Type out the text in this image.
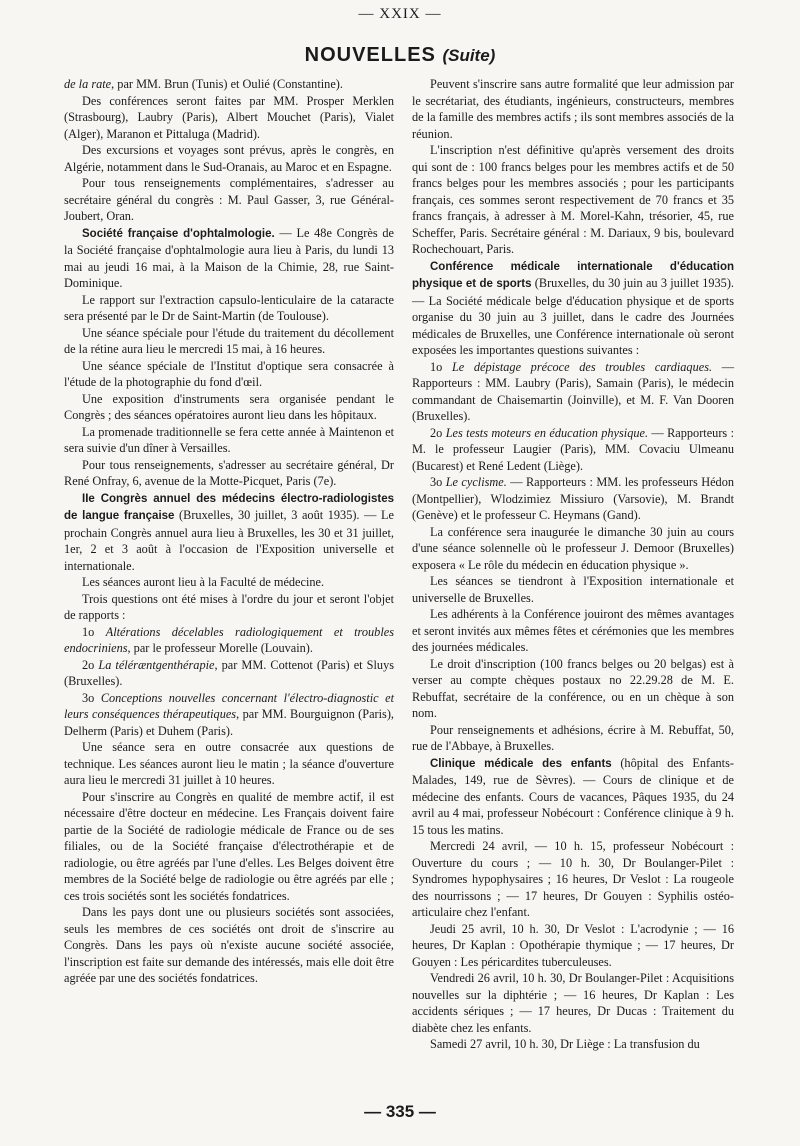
— XXIX —
NOUVELLES (Suite)

de la rate, par MM. Brun (Tunis) et Oulié (Constantine).

Des conférences seront faites par MM. Prosper Merklen (Strasbourg), Laubry (Paris), Albert Mouchet (Paris), Vialet (Alger), Maranon et Pittaluga (Madrid).

Des excursions et voyages sont prévus, après le congrès, en Algérie, notamment dans le Sud-Oranais, au Maroc et en Espagne.

Pour tous renseignements complémentaires, s'adresser au secrétaire général du congrès : M. Paul Gasser, 3, rue Général-Joubert, Oran.

Société française d'ophtalmologie. — Le 48e Congrès de la Société française d'ophtalmologie aura lieu à Paris, du lundi 13 mai au jeudi 16 mai, à la Maison de la Chimie, 28, rue Saint-Dominique.

Le rapport sur l'extraction capsulo-lenticulaire de la cataracte sera présenté par le Dr de Saint-Martin (de Toulouse).

Une séance spéciale pour l'étude du traitement du décollement de la rétine aura lieu le mercredi 15 mai, à 16 heures.

Une séance spéciale de l'Institut d'optique sera consacrée à l'étude de la photographie du fond d'œil.

Une exposition d'instruments sera organisée pendant le Congrès ; des séances opératoires auront lieu dans les hôpitaux.

La promenade traditionnelle se fera cette année à Maintenon et sera suivie d'un dîner à Versailles.

Pour tous renseignements, s'adresser au secrétaire général, Dr René Onfray, 6, avenue de la Motte-Picquet, Paris (7e).

IIe Congrès annuel des médecins électro-radiologistes de langue française (Bruxelles, 30 juillet, 3 août 1935). — Le prochain Congrès annuel aura lieu à Bruxelles, les 30 et 31 juillet, 1er, 2 et 3 août à l'occasion de l'Exposition universelle et internationale.

Les séances auront lieu à la Faculté de médecine.

Trois questions ont été mises à l'ordre du jour et seront l'objet de rapports :

1o Altérations décelables radiologiquement et troubles endocriniens, par le professeur Morelle (Louvain).

2o La téléræntgenthérapie, par MM. Cottenot (Paris) et Sluys (Bruxelles).

3o Conceptions nouvelles concernant l'électro-diagnostic et leurs conséquences thérapeutiques, par MM. Bourguignon (Paris), Delherm (Paris) et Duhem (Paris).

Une séance sera en outre consacrée aux questions de technique. Les séances auront lieu le matin ; la séance d'ouverture aura lieu le mercredi 31 juillet à 10 heures.

Pour s'inscrire au Congrès en qualité de membre actif, il est nécessaire d'être docteur en médecine. Les Français doivent faire partie de la Société de radiologie médicale de France ou de ses filiales, ou de la Société française d'électrothérapie et de radiologie, ou être agréés par l'une d'elles. Les Belges doivent être membres de la Société belge de radiologie ou être agréés par elle ; ces trois sociétés sont les sociétés fondatrices.

Dans les pays dont une ou plusieurs sociétés sont associées, seuls les membres de ces sociétés ont droit de s'inscrire au Congrès. Dans les pays où n'existe aucune société associée, l'inscription est faite sur demande des intéressés, mais elle doit être agréée par une des sociétés fondatrices.

Peuvent s'inscrire sans autre formalité que leur admission par le secrétariat, des étudiants, ingénieurs, constructeurs, membres de la famille des membres actifs ; ils sont membres associés de la réunion.

L'inscription n'est définitive qu'après versement des droits qui sont de : 100 francs belges pour les membres actifs et de 50 francs belges pour les membres associés ; pour les participants français, ces sommes seront respectivement de 70 francs et 35 francs français, à adresser à M. Morel-Kahn, trésorier, 45, rue Scheffer, Paris. Secrétaire général : M. Dariaux, 9 bis, boulevard Rochechouart, Paris.

Conférence médicale internationale d'éducation physique et de sports (Bruxelles, du 30 juin au 3 juillet 1935). — La Société médicale belge d'éducation physique et de sports organise du 30 juin au 3 juillet, dans le cadre des Journées médicales de Bruxelles, une Conférence internationale où seront exposées les importantes questions suivantes :

1o Le dépistage précoce des troubles cardiaques. — Rapporteurs : MM. Laubry (Paris), Samain (Paris), le médecin commandant de Chaisemartin (Joinville), et M. F. Van Dooren (Bruxelles).

2o Les tests moteurs en éducation physique. — Rapporteurs : M. le professeur Laugier (Paris), MM. Covaciu Ulmeanu (Bucarest) et René Ledent (Liège).

3o Le cyclisme. — Rapporteurs : MM. les professeurs Hédon (Montpellier), Wlodzimiez Missiuro (Varsovie), M. Brandt (Genève) et le professeur C. Heymans (Gand).

La conférence sera inaugurée le dimanche 30 juin au cours d'une séance solennelle où le professeur J. Demoor (Bruxelles) exposera « Le rôle du médecin en éducation physique ».

Les séances se tiendront à l'Exposition internationale et universelle de Bruxelles.

Les adhérents à la Conférence jouiront des mêmes avantages et seront invités aux mêmes fêtes et cérémonies que les membres des journées médicales.

Le droit d'inscription (100 francs belges ou 20 belgas) est à verser au compte chèques postaux no 22.29.28 de M. E. Rebuffat, secrétaire de la conférence, ou en un chèque à son nom.

Pour renseignements et adhésions, écrire à M. Rebuffat, 50, rue de l'Abbaye, à Bruxelles.

Clinique médicale des enfants (hôpital des Enfants-Malades, 149, rue de Sèvres). — Cours de clinique et de médecine des enfants. Cours de vacances, Pâques 1935, du 24 avril au 4 mai, professeur Nobécourt : Conférence clinique à 9 h. 15 tous les matins.

Mercredi 24 avril, — 10 h. 15, professeur Nobécourt : Ouverture du cours ; — 10 h. 30, Dr Boulanger-Pilet : Syndromes hypophysaires ; 16 heures, Dr Veslot : La rougeole des nourrissons ; — 17 heures, Dr Gouyen : Syphilis ostéo-articulaire chez l'enfant.

Jeudi 25 avril, 10 h. 30, Dr Veslot : L'acrodynie ; — 16 heures, Dr Kaplan : Opothérapie thymique ; — 17 heures, Dr Gouyen : Les péricardites tuberculeuses.

Vendredi 26 avril, 10 h. 30, Dr Boulanger-Pilet : Acquisitions nouvelles sur la diphtérie ; — 16 heures, Dr Kaplan : Les accidents sériques ; — 17 heures, Dr Ducas : Traitement du diabète chez les enfants.

Samedi 27 avril, 10 h. 30, Dr Liège : La transfusion du

— 335 —
